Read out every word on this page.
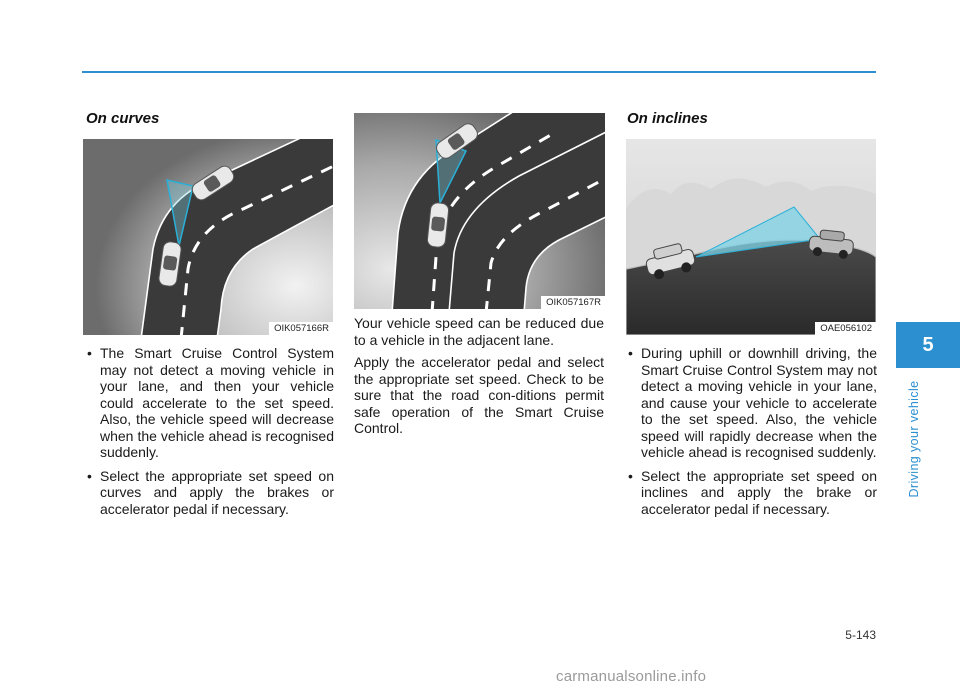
On curves
OIK057166R
• The Smart Cruise Control System may not detect a moving vehicle in your lane, and then your vehicle could accelerate to the set speed. Also, the vehicle speed will decrease when the vehicle ahead is recognised suddenly.
• Select the appropriate set speed on curves and apply the brakes or accelerator pedal if necessary.
OIK057167R

Your vehicle speed can be reduced due to a vehicle in the adjacent lane.

Apply the accelerator pedal and select the appropriate set speed. Check to be sure that the road con-ditions permit safe operation of the Smart Cruise Control.

On inclines
OAE056102
• During uphill or downhill driving, the Smart Cruise Control System may not detect a moving vehicle in your lane, and cause your vehicle to accelerate to the set speed. Also, the vehicle speed will rapidly decrease when the vehicle ahead is recognised suddenly.
• Select the appropriate set speed on inclines and apply the brake or accelerator pedal if necessary.
5
Driving your vehicle
5-143
carmanualsonline.info
